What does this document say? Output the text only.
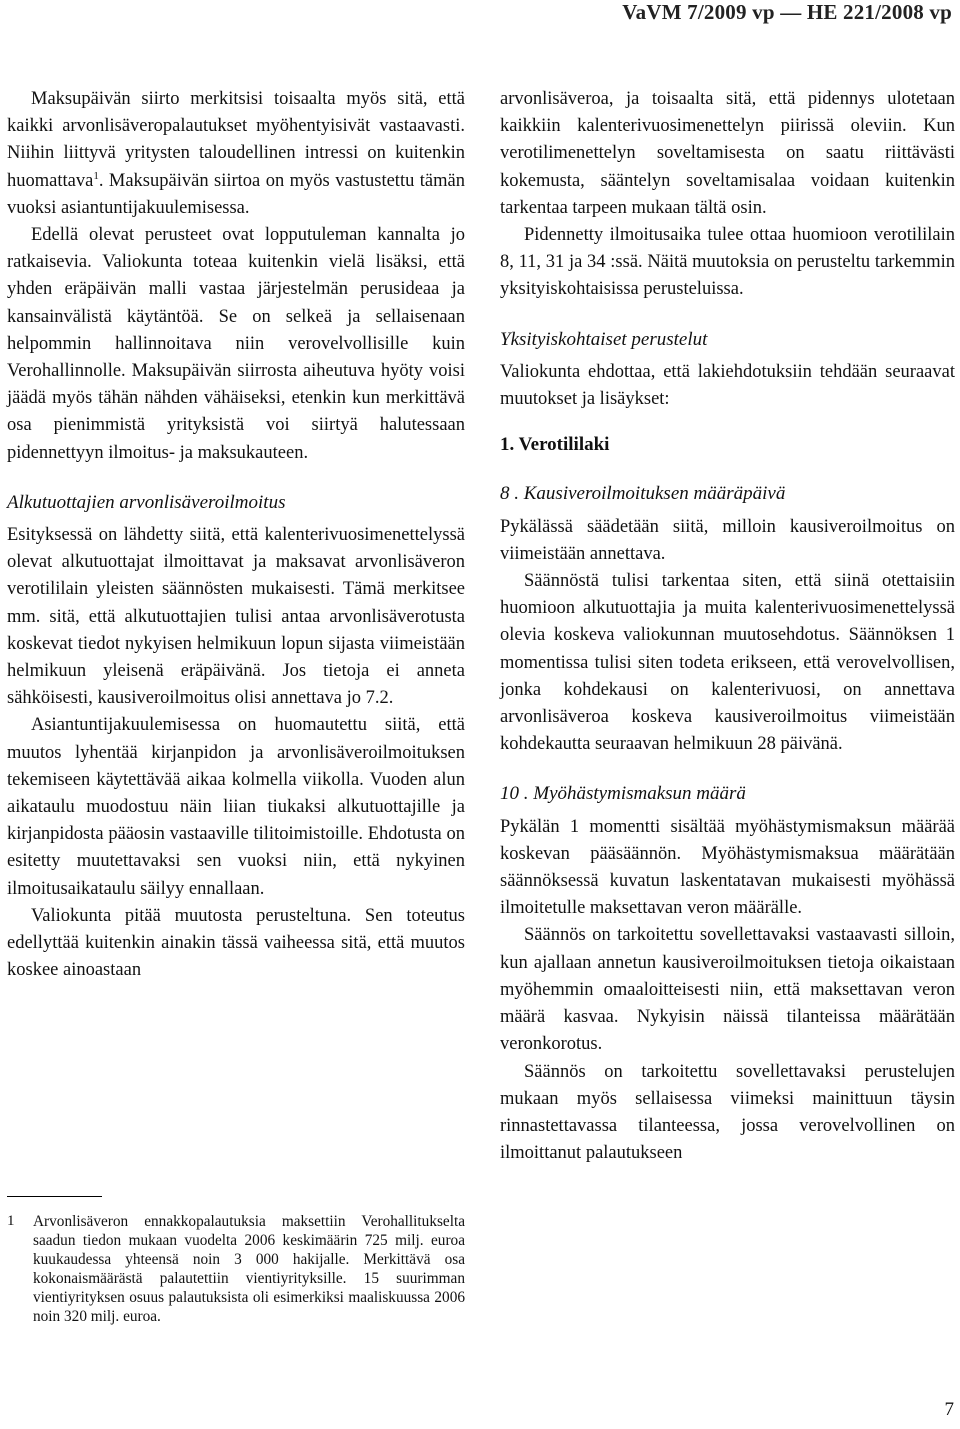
VaVM 7/2009 vp — HE 221/2008 vp

Maksupäivän siirto merkitsisi toisaalta myös sitä, että kaikki arvonlisäveropalautukset myöhentyisivät vastaavasti. Niihin liittyvä yritysten taloudellinen intressi on kuitenkin huomattava$^1$. Maksupäivän siirtoa on myös vastustettu tämän vuoksi asiantuntijakuulemisessa.

Edellä olevat perusteet ovat lopputuleman kannalta jo ratkaisevia. Valiokunta toteaa kuitenkin vielä lisäksi, että yhden eräpäivän malli vastaa järjestelmän perusideaa ja kansainvälistä käytäntöä. Se on selkeä ja sellaisenaan helpommin hallinnoitava niin verovelvollisille kuin Verohallinnolle. Maksupäivän siirrosta aiheutuva hyöty voisi jäädä myös tähän nähden vähäiseksi, etenkin kun merkittävä osa pienimmistä yrityksistä voi siirtyä halutessaan pidennettyyn ilmoitus- ja maksukauteen.

Alkutuottajien arvonlisäveroilmoitus

Esityksessä on lähdetty siitä, että kalenterivuosimenettelyssä olevat alkutuottajat ilmoittavat ja maksavat arvonlisäveron verotililain yleisten säännösten mukaisesti. Tämä merkitsee mm. sitä, että alkutuottajien tulisi antaa arvonlisäverotusta koskevat tiedot nykyisen helmikuun lopun sijasta viimeistään helmikuun yleisenä eräpäivänä. Jos tietoja ei anneta sähköisesti, kausiveroilmoitus olisi annettava jo 7.2.

Asiantuntijakuulemisessa on huomautettu siitä, että muutos lyhentää kirjanpidon ja arvonlisäveroilmoituksen tekemiseen käytettävää aikaa kolmella viikolla. Vuoden alun aikataulu muodostuu näin liian tiukaksi alkutuottajille ja kirjanpidosta pääosin vastaaville tilitoimistoille. Ehdotusta on esitetty muutettavaksi sen vuoksi niin, että nykyinen ilmoitusaikataulu säilyy ennallaan.

Valiokunta pitää muutosta perusteltuna. Sen toteutus edellyttää kuitenkin ainakin tässä vaiheessa sitä, että muutos koskee ainoastaan

1 Arvonlisäveron ennakkopalautuksia maksettiin Verohallitukselta saadun tiedon mukaan vuodelta 2006 keskimäärin 725 milj. euroa kuukaudessa yhteensä noin 3 000 hakijalle. Merkittävä osa kokonaismäärästä palautettiin vientiyrityksille. 15 suurimman vientiyrityksen osuus palautuksista oli esimerkiksi maaliskuussa 2006 noin 320 milj. euroa.

arvonlisäveroa, ja toisaalta sitä, että pidennys ulotetaan kaikkiin kalenterivuosimenettelyn piirissä oleviin. Kun verotilimenettelyn soveltamisesta on saatu riittävästi kokemusta, sääntelyn soveltamisalaa voidaan kuitenkin tarkentaa tarpeen mukaan tältä osin.

Pidennetty ilmoitusaika tulee ottaa huomioon verotililain 8, 11, 31 ja 34 :ssä. Näitä muutoksia on perusteltu tarkemmin yksityiskohtaisissa perusteluissa.

Yksityiskohtaiset perustelut

Valiokunta ehdottaa, että lakiehdotuksiin tehdään seuraavat muutokset ja lisäykset:

1. Verotililaki
8 . Kausiveroilmoituksen määräpäivä

Pykälässä säädetään siitä, milloin kausiveroilmoitus on viimeistään annettava.

Säännöstä tulisi tarkentaa siten, että siinä otettaisiin huomioon alkutuottajia ja muita kalenterivuosimenettelyssä olevia koskeva valiokunnan muutosehdotus. Säännöksen 1 momentissa tulisi siten todeta erikseen, että verovelvollisen, jonka kohdekausi on kalenterivuosi, on annettava arvonlisäveroa koskeva kausiveroilmoitus viimeistään kohdekautta seuraavan helmikuun 28 päivänä.

10 . Myöhästymismaksun määrä

Pykälän 1 momentti sisältää myöhästymismaksun määrää koskevan pääsäännön. Myöhästymismaksua määrätään säännöksessä kuvatun laskentatavan mukaisesti myöhässä ilmoitetulle maksettavan veron määrälle.

Säännös on tarkoitettu sovellettavaksi vastaavasti silloin, kun ajallaan annetun kausiveroilmoituksen tietoja oikaistaan myöhemmin omaaloitteisesti niin, että maksettavan veron määrä kasvaa. Nykyisin näissä tilanteissa määrätään veronkorotus.

Säännös on tarkoitettu sovellettavaksi perustelujen mukaan myös sellaisessa viimeksi mainittuun täysin rinnastettavassa tilanteessa, jossa verovelvollinen on ilmoittanut palautukseen

7
